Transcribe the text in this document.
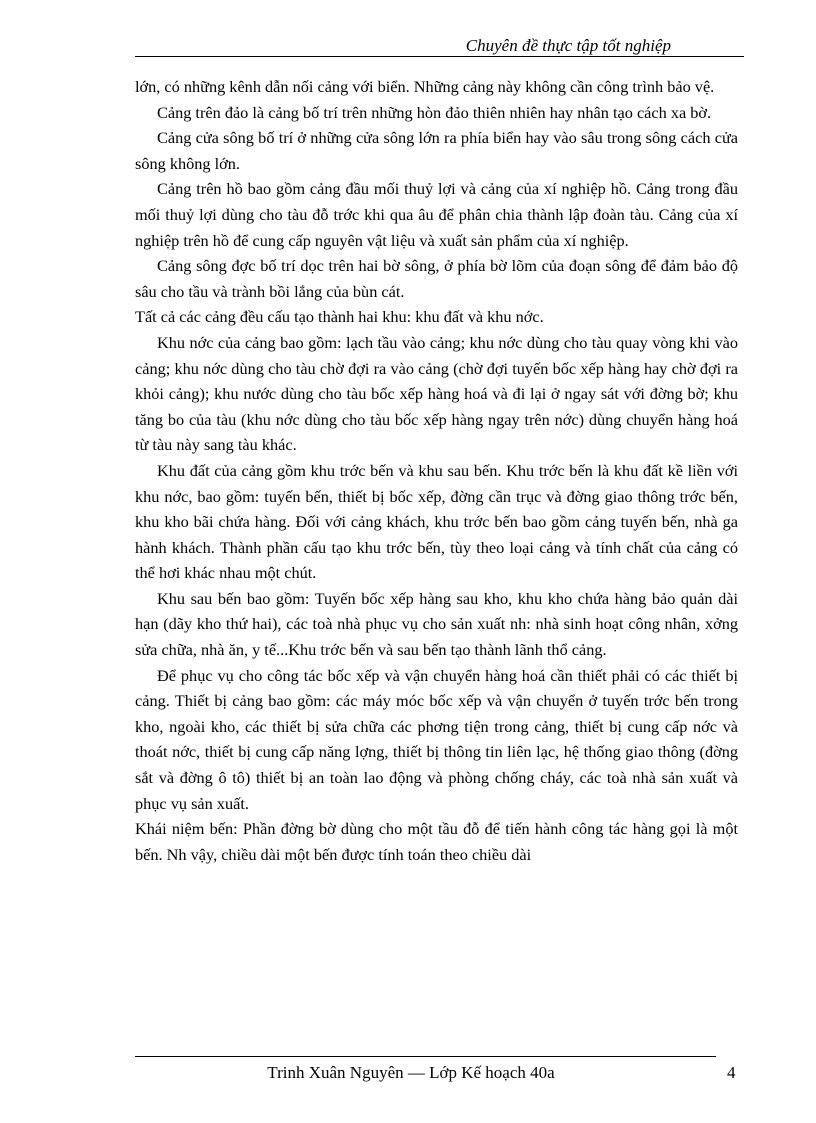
Chuyên đề thực tập tốt nghiệp

lớn, có những kênh dẫn nối cảng với biển. Những cảng này không cần công trình bảo vệ.

Cảng trên đảo là cảng bố trí trên những hòn đảo thiên nhiên hay nhân tạo cách xa bờ.

Cảng cửa sông bố trí ở những cửa sông lớn ra phía biển hay vào sâu trong sông cách cửa sông không lớn.

Cảng trên hồ bao gồm cảng đầu mối thuỷ lợi và cảng của xí nghiệp hồ. Cảng trong đầu mối thuỷ lợi dùng cho tàu đỗ trớc khi qua âu để phân chia thành lập đoàn tàu. Cảng của xí nghiệp trên hồ để cung cấp nguyên vật liệu và xuất sản phẩm của xí nghiệp.

Cảng sông đợc bố trí dọc trên hai bờ sông, ở phía bờ lõm của đoạn sông để đảm bảo độ sâu cho tầu và trành bồi lắng của bùn cát.

Tất cả các cảng đều cấu tạo thành hai khu: khu đất và khu nớc.

Khu nớc của cảng bao gồm: lạch tầu vào cảng; khu nớc dùng cho tàu quay vòng khi vào cảng; khu nớc dùng cho tàu chờ đợi ra vào cảng (chờ đợi tuyến bốc xếp hàng hay chờ đợi ra khỏi cảng); khu nước dùng cho tàu bốc xếp hàng hoá và đi lại ở ngay sát với đờng bờ; khu tăng bo của tàu (khu nớc dùng cho tàu bốc xếp hàng ngay trên nớc) dùng chuyển hàng hoá từ tàu này sang tàu khác.

Khu đất của cảng gồm khu trớc bến và khu sau bến. Khu trớc bến là khu đất kề liền với khu nớc, bao gồm: tuyến bến, thiết bị bốc xếp, đờng cần trục và đờng giao thông trớc bến, khu kho bãi chứa hàng. Đối với cảng khách, khu trớc bến bao gồm cảng tuyến bến, nhà ga hành khách. Thành phần cấu tạo khu trớc bến, tùy theo loại cảng và tính chất của cảng có thể hơi khác nhau một chút.

Khu sau bến bao gồm: Tuyến bốc xếp hàng sau kho, khu kho chứa hàng bảo quản dài hạn (dãy kho thứ hai), các toà nhà phục vụ cho sản xuất nh: nhà sinh hoạt công nhân, xởng sửa chữa, nhà ăn, y tế...Khu trớc bến và sau bến tạo thành lãnh thổ cảng.

Để phục vụ cho công tác bốc xếp và vận chuyển hàng hoá cần thiết phải có các thiết bị cảng. Thiết bị cảng bao gồm: các máy móc bốc xếp và vận chuyển ở tuyến trớc bến trong kho, ngoài kho, các thiết bị sửa chữa các phơng tiện trong cảng, thiết bị cung cấp nớc và thoát nớc, thiết bị cung cấp năng lợng, thiết bị thông tin liên lạc, hệ thống giao thông (đờng sắt và đờng ô tô) thiết bị an toàn lao động và phòng chống cháy, các toà nhà sản xuất và phục vụ sản xuất.

Khái niệm bến: Phần đờng bờ dùng cho một tầu đỗ để tiến hành công tác hàng gọi là một bến. Nh vậy, chiều dài một bến được tính toán theo chiều dài

Trinh Xuân Nguyên — Lớp Kế hoạch 40a	4
